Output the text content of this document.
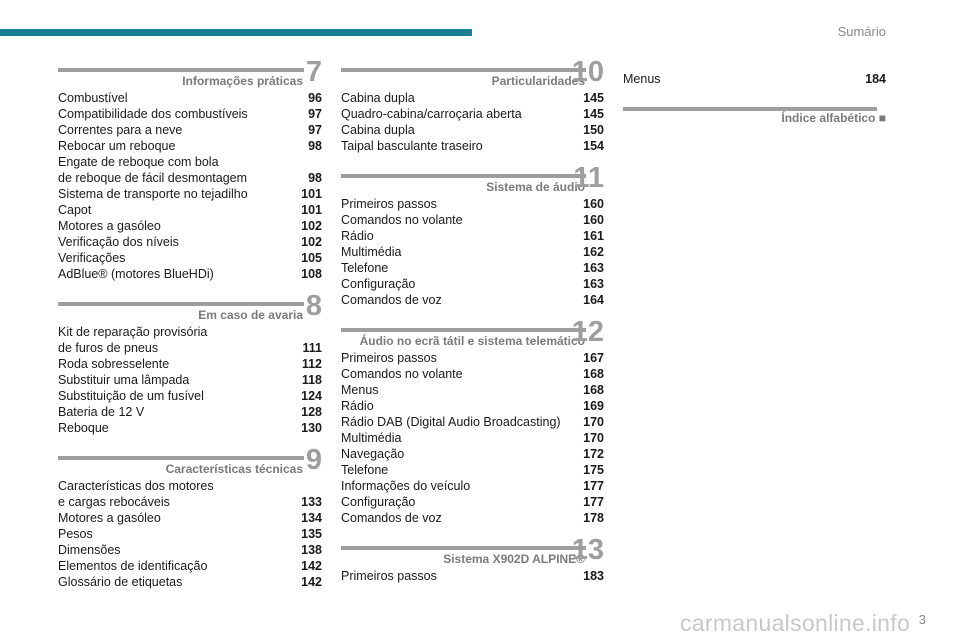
Sumário
Informações práticas 7
Combustível	96
Compatibilidade dos combustíveis	97
Correntes para a neve	97
Rebocar um reboque	98
Engate de reboque com bola
de reboque de fácil desmontagem	98
Sistema de transporte no tejadilho	101
Capot	101
Motores a gasóleo	102
Verificação dos níveis	102
Verificações	105
AdBlue® (motores BlueHDi)	108
Em caso de avaria 8
Kit de reparação provisória
de furos de pneus	111
Roda sobresselente	112
Substituir uma lâmpada	118
Substituição de um fusível	124
Bateria de 12 V	128
Reboque	130
Características técnicas 9
Características dos motores
e cargas rebocáveis	133
Motores a gasóleo	134
Pesos	135
Dimensões	138
Elementos de identificação	142
Glossário de etiquetas	142
Particularidades
10
Cabina dupla	145
Quadro-cabina/carroçaria aberta	145
Cabina dupla	150
Taipal basculante traseiro	154
Sistema de áudio
11
Primeiros passos	160
Comandos no volante	160
Rádio	161
Multimédia	162
Telefone	163
Configuração	163
Comandos de voz	164
Áudio no ecrã tátil e sistema telemático
12
Primeiros passos	167
Comandos no volante	168
Menus	168
Rádio	169
Rádio DAB (Digital Audio Broadcasting) 170
Multimédia	170
Navegação	172
Telefone	175
Informações do veículo	177
Configuração	177
Comandos de voz	178
Sistema X902D ALPINE®
13
Primeiros passos	183
Menus	184
Índice alfabético ■
carmanualsonline.info 3
